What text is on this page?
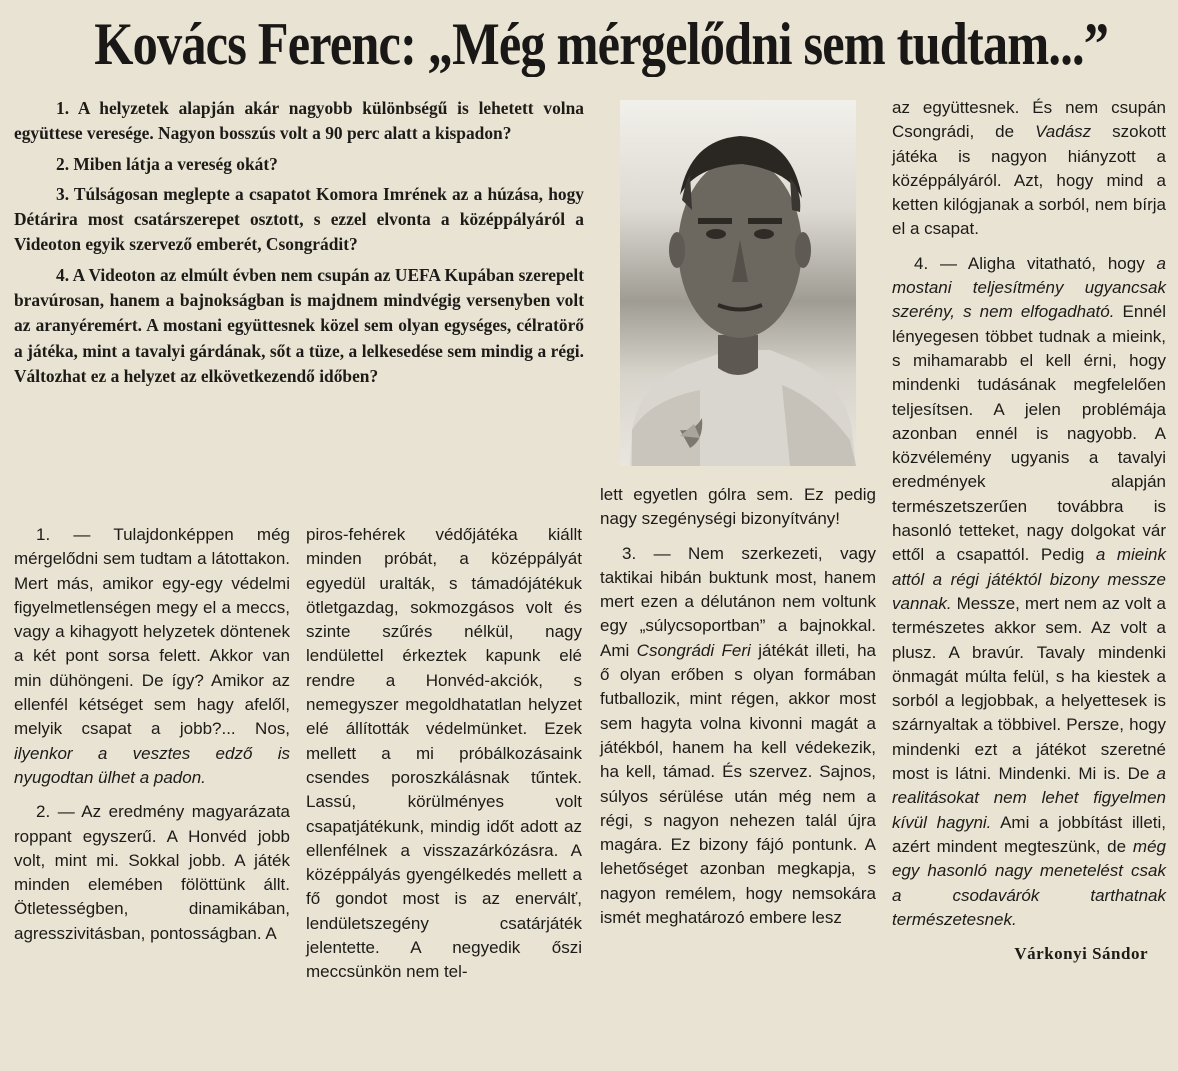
Kovács Ferenc: „Még mérgelődni sem tudtam...”

1. A helyzetek alapján akár nagyobb különbségű is lehetett volna együttese veresége. Nagyon bosszús volt a 90 perc alatt a kispadon?

2. Miben látja a vereség okát?

3. Túlságosan meglepte a csapatot Komora Imrének az a húzása, hogy Détárira most csatárszerepet osztott, s ezzel elvonta a középpályáról a Videoton egyik szervező emberét, Csongrádit?

4. A Videoton az elmúlt évben nem csupán az UEFA Kupában szerepelt bravúrosan, hanem a bajnokságban is majdnem mindvégig versenyben volt az aranyéremért. A mostani együttesnek közel sem olyan egységes, célratörő a játéka, mint a tavalyi gárdának, sőt a tüze, a lelkesedése sem mindig a régi. Változhat ez a helyzet az elkövetkezendő időben?

1. — Tulajdonképpen még mérgelődni sem tudtam a látottakon. Mert más, amikor egy-egy védelmi figyelmetlenségen megy el a meccs, vagy a kihagyott helyzetek döntenek a két pont sorsa felett. Akkor van min dühöngeni. De így? Amikor az ellenfél kétséget sem hagy afelől, melyik csapat a jobb?... Nos, ilyenkor a vesztes edző is nyugodtan ülhet a padon.

2. — Az eredmény magyarázata roppant egyszerű. A Honvéd jobb volt, mint mi. Sokkal jobb. A játék minden elemében fölöttünk állt. Ötletességben, dinamikában, agresszivitásban, pontosságban. A

piros-fehérek védőjátéka kiállt minden próbát, a középpályát egyedül uralták, s támadójátékuk ötletgazdag, sokmozgásos volt és szinte szűrés nélkül, nagy lendülettel érkeztek kapunk elé rendre a Honvéd-akciók, s nemegyszer megoldhatatlan helyzet elé állították védelmünket. Ezek mellett a mi próbálkozásaink csendes poroszkálásnak tűntek. Lassú, körülményes volt csapatjátékunk, mindig időt adott az ellenfélnek a visszazárkózásra. A középpályás gyengélkedés mellett a fő gondot most is az enerválť, lendületszegény csatárjáték jelentette. A negyedik őszi meccsünkön nem tel-

lett egyetlen gólra sem. Ez pedig nagy szegénységi bizonyítvány!

3. — Nem szerkezeti, vagy taktikai hibán buktunk most, hanem mert ezen a délutánon nem voltunk egy „súlycsoportban” a bajnokkal. Ami Csongrádi Feri játékát illeti, ha ő olyan erőben s olyan formában futballozik, mint régen, akkor most sem hagyta volna kivonni magát a játékból, hanem ha kell védekezik, ha kell, támad. És szervez. Sajnos, súlyos sérülése után még nem a régi, s nagyon nehezen talál újra magára. Ez bizony fájó pontunk. A lehetőséget azonban megkapja, s nagyon remélem, hogy nemsokára ismét meghatározó embere lesz

az együttesnek. És nem csupán Csongrádi, de Vadász szokott játéka is nagyon hiányzott a középpályáról. Azt, hogy mind a ketten kilógjanak a sorból, nem bírja el a csapat.

4. — Aligha vitatható, hogy a mostani teljesítmény ugyancsak szerény, s nem elfogadható. Ennél lényegesen többet tudnak a mieink, s mihamarabb el kell érni, hogy mindenki tudásának megfelelően teljesítsen. A jelen problémája azonban ennél is nagyobb. A közvélemény ugyanis a tavalyi eredmények alapján természetszerűen továbbra is hasonló tetteket, nagy dolgokat vár ettől a csapattól. Pedig a mieink attól a régi játéktól bizony messze vannak. Messze, mert nem az volt a természetes akkor sem. Az volt a plusz. A bravúr. Tavaly mindenki önmagát múlta felül, s ha kiestek a sorból a legjobbak, a helyettesek is szárnyaltak a többivel. Persze, hogy mindenki ezt a játékot szeretné most is látni. Mindenki. Mi is. De a realitásokat nem lehet figyelmen kívül hagyni. Ami a jobbítást illeti, azért mindent megteszünk, de még egy hasonló nagy menetelést csak a csodavárók tarthatnak természetesnek.

Várkonyi Sándor
